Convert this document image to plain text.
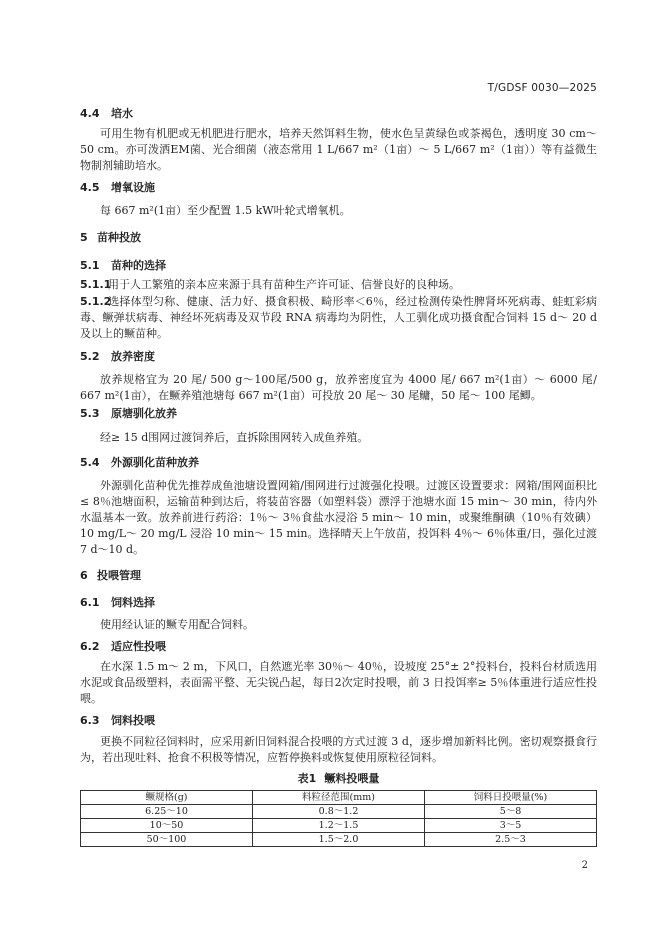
T/GDSF 0030—2025
4.4 培水
可用生物有机肥或无机肥进行肥水，培养天然饵料生物，使水色呈黄绿色或茶褐色，透明度 30 cm～50 cm。亦可泼洒EM菌、光合细菌（液态常用 1 L/667 m²（1亩）～ 5 L/667 m²（1亩））等有益微生物制剂辅助培水。
4.5 增氧设施
每 667 m²(1亩）至少配置 1.5 kW叶轮式增氧机。
5 苗种投放
5.1 苗种的选择
5.1.1用于人工繁殖的亲本应来源于具有苗种生产许可证、信誉良好的良种场。
5.1.2选择体型匀称、健康、活力好、摄食积极、畸形率＜6％，经过检测传染性脾肾坏死病毒、蛙虹彩病毒、鳜弹状病毒、神经坏死病毒及双节段 RNA 病毒均为阴性，人工驯化成功摄食配合饲料 15 d～ 20 d 及以上的鳜苗种。
5.2 放养密度
放养规格宜为 20 尾/ 500 g～100尾/500 g，放养密度宜为 4000 尾/ 667 m²(1亩）～ 6000 尾/ 667 m²(1亩），在鳜养殖池塘每 667 m²(1亩）可投放 20 尾～ 30 尾鳙，50 尾～ 100 尾鲫。
5.3 原塘驯化放养
经≥ 15 d围网过渡饲养后，直拆除围网转入成鱼养殖。
5.4 外源驯化苗种放养
外源驯化苗种优先推荐成鱼池塘设置网箱/围网进行过渡强化投喂。过渡区设置要求：网箱/围网面积比 ≤ 8％池塘面积，运输苗种到达后，将装苗容器（如塑料袋）漂浮于池塘水面 15 min～ 30 min，待内外水温基本一致。放养前进行药浴：1％～ 3％食盐水浸浴 5 min～ 10 min，或聚维酮碘（10％有效碘）10 mg/L～ 20 mg/L 浸浴 10 min～ 15 min。选择晴天上午放苗，投饵料 4％～ 6％体重/日，强化过渡 7 d～10 d。
6 投喂管理
6.1 饲料选择
使用经认证的鳜专用配合饲料。
6.2 适应性投喂
在水深 1.5 m～ 2 m，下风口，自然遮光率 30％～ 40％，设坡度 25°± 2°投料台，投料台材质选用水泥或食品级塑料，表面需平整、无尖锐凸起，每日2次定时投喂，前 3 日投饵率≥ 5％体重进行适应性投喂。
6.3 饲料投喂
更换不同粒径饲料时，应采用新旧饲料混合投喂的方式过渡 3 d，逐步增加新料比例。密切观察摄食行为，若出现吐料、抢食不积极等情况，应暂停换料或恢复使用原粒径饲料。
表1 鳜料投喂量
鳜规格(g)	料粒径范围(mm)	饲料日投喂量(%)
6.25～10	0.8～1.2	5～8
10～50	1.2～1.5	3～5
50～100	1.5～2.0	2.5～3
2
